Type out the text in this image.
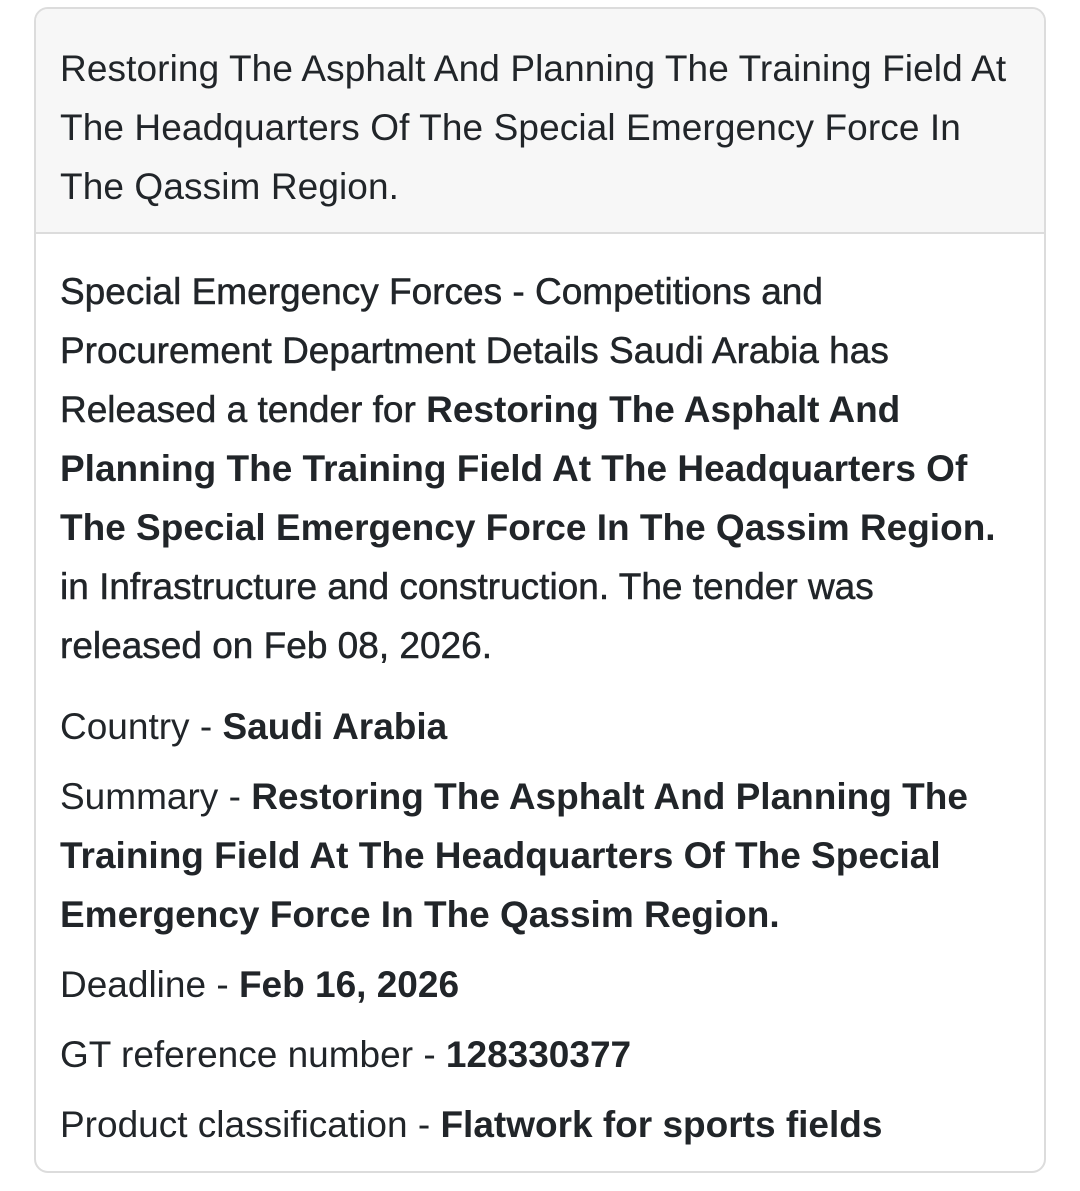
Restoring The Asphalt And Planning The Training Field At The Headquarters Of The Special Emergency Force In The Qassim Region.

Special Emergency Forces - Competitions and Procurement Department Details Saudi Arabia has Released a tender for Restoring The Asphalt And Planning The Training Field At The Headquarters Of The Special Emergency Force In The Qassim Region. in Infrastructure and construction. The tender was released on Feb 08, 2026.

Country - Saudi Arabia
Summary - Restoring The Asphalt And Planning The Training Field At The Headquarters Of The Special Emergency Force In The Qassim Region.
Deadline - Feb 16, 2026
GT reference number - 128330377
Product classification - Flatwork for sports fields
